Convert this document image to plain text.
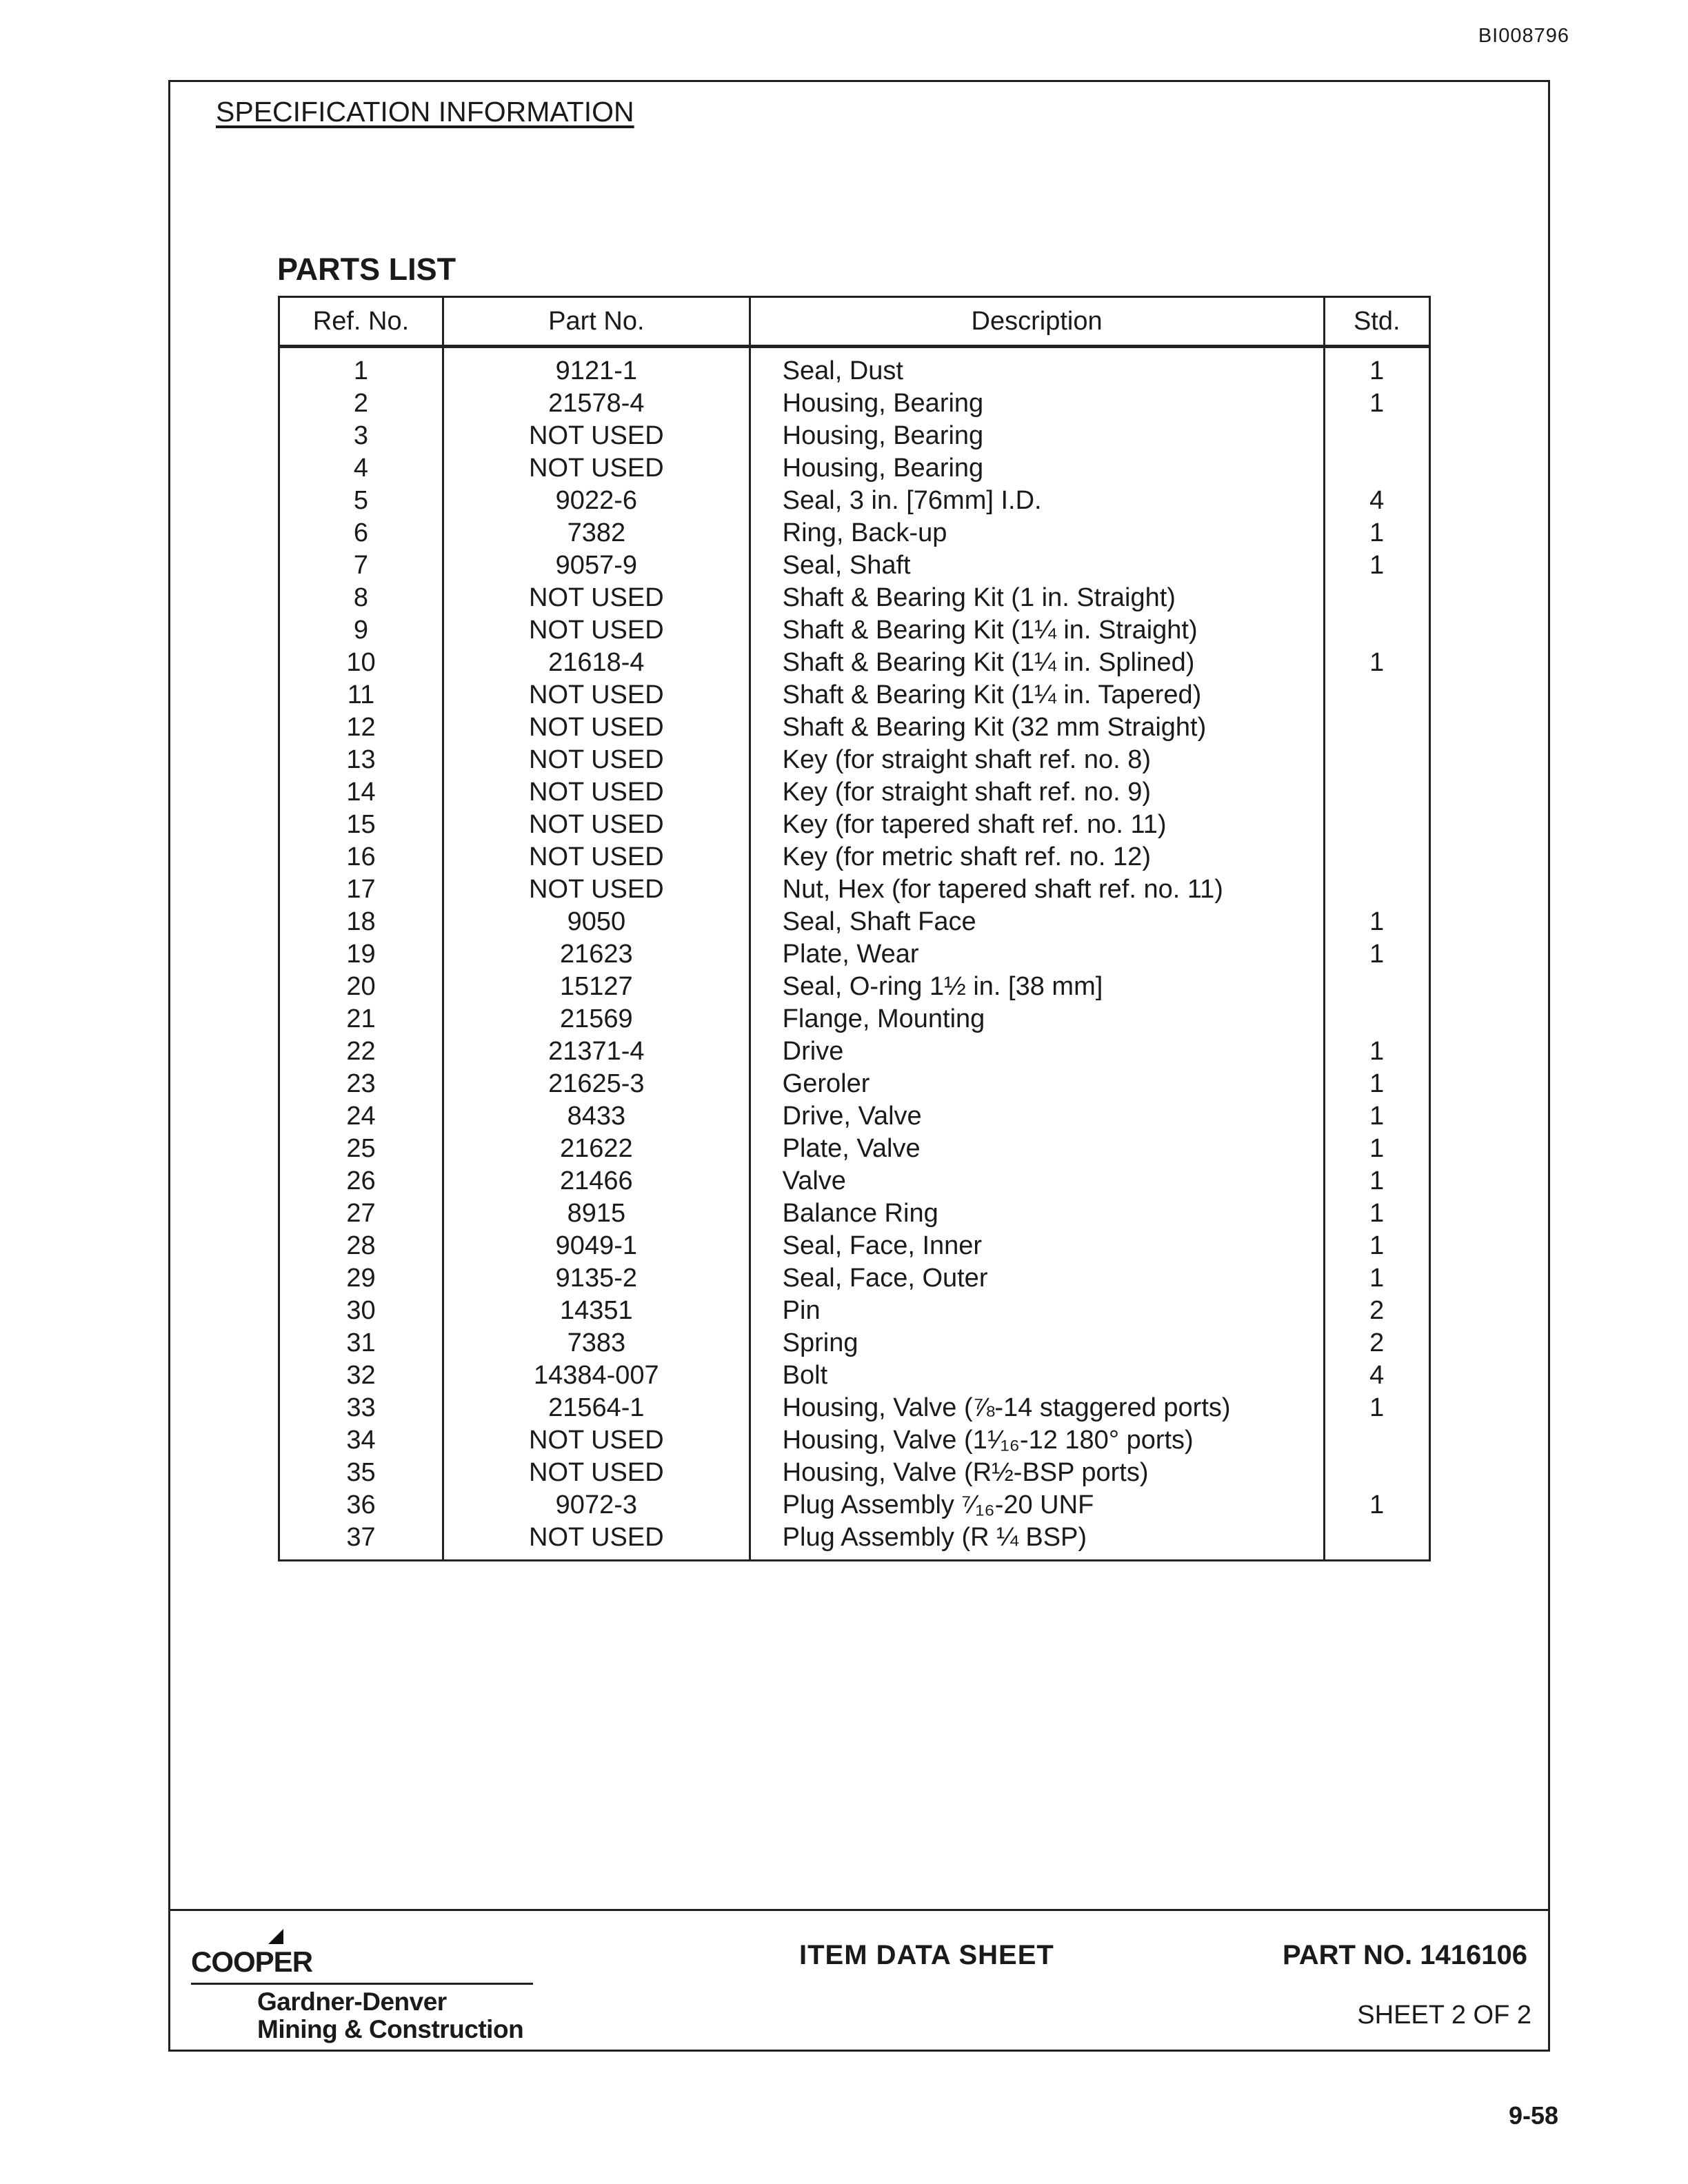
BI008796
SPECIFICATION INFORMATION
PARTS LIST
Ref. No.	Part No.	Description	Std.
1	9121-1	Seal, Dust	1
2	21578-4	Housing, Bearing	1
3	NOT USED	Housing, Bearing	
4	NOT USED	Housing, Bearing	
5	9022-6	Seal, 3 in. [76mm] I.D.	4
6	7382	Ring, Back-up	1
7	9057-9	Seal, Shaft	1
8	NOT USED	Shaft & Bearing Kit (1 in. Straight)	
9	NOT USED	Shaft & Bearing Kit (1¼ in. Straight)	
10	21618-4	Shaft & Bearing Kit (1¼ in. Splined)	1
11	NOT USED	Shaft & Bearing Kit (1¼ in. Tapered)	
12	NOT USED	Shaft & Bearing Kit (32 mm Straight)	
13	NOT USED	Key (for straight shaft ref. no. 8)	
14	NOT USED	Key (for straight shaft ref. no. 9)	
15	NOT USED	Key (for tapered shaft ref. no. 11)	
16	NOT USED	Key (for metric shaft ref. no. 12)	
17	NOT USED	Nut, Hex (for tapered shaft ref. no. 11)	
18	9050	Seal, Shaft Face	1
19	21623	Plate, Wear	1
20	15127	Seal, O-ring 1½ in. [38 mm]	
21	21569	Flange, Mounting	
22	21371-4	Drive	1
23	21625-3	Geroler	1
24	8433	Drive, Valve	1
25	21622	Plate, Valve	1
26	21466	Valve	1
27	8915	Balance Ring	1
28	9049-1	Seal, Face, Inner	1
29	9135-2	Seal, Face, Outer	1
30	14351	Pin	2
31	7383	Spring	2
32	14384-007	Bolt	4
33	21564-1	Housing, Valve (⅞-14 staggered ports)	1
34	NOT USED	Housing, Valve (1¹⁄₁₆-12 180° ports)	
35	NOT USED	Housing, Valve (R½-BSP ports)	
36	9072-3	Plug Assembly ⁷⁄₁₆-20 UNF	1
37	NOT USED	Plug Assembly (R ¼ BSP)	
COOPER
Gardner-Denver
Mining & Construction
ITEM DATA SHEET	PART NO. 1416106
SHEET 2 OF 2
9-58
